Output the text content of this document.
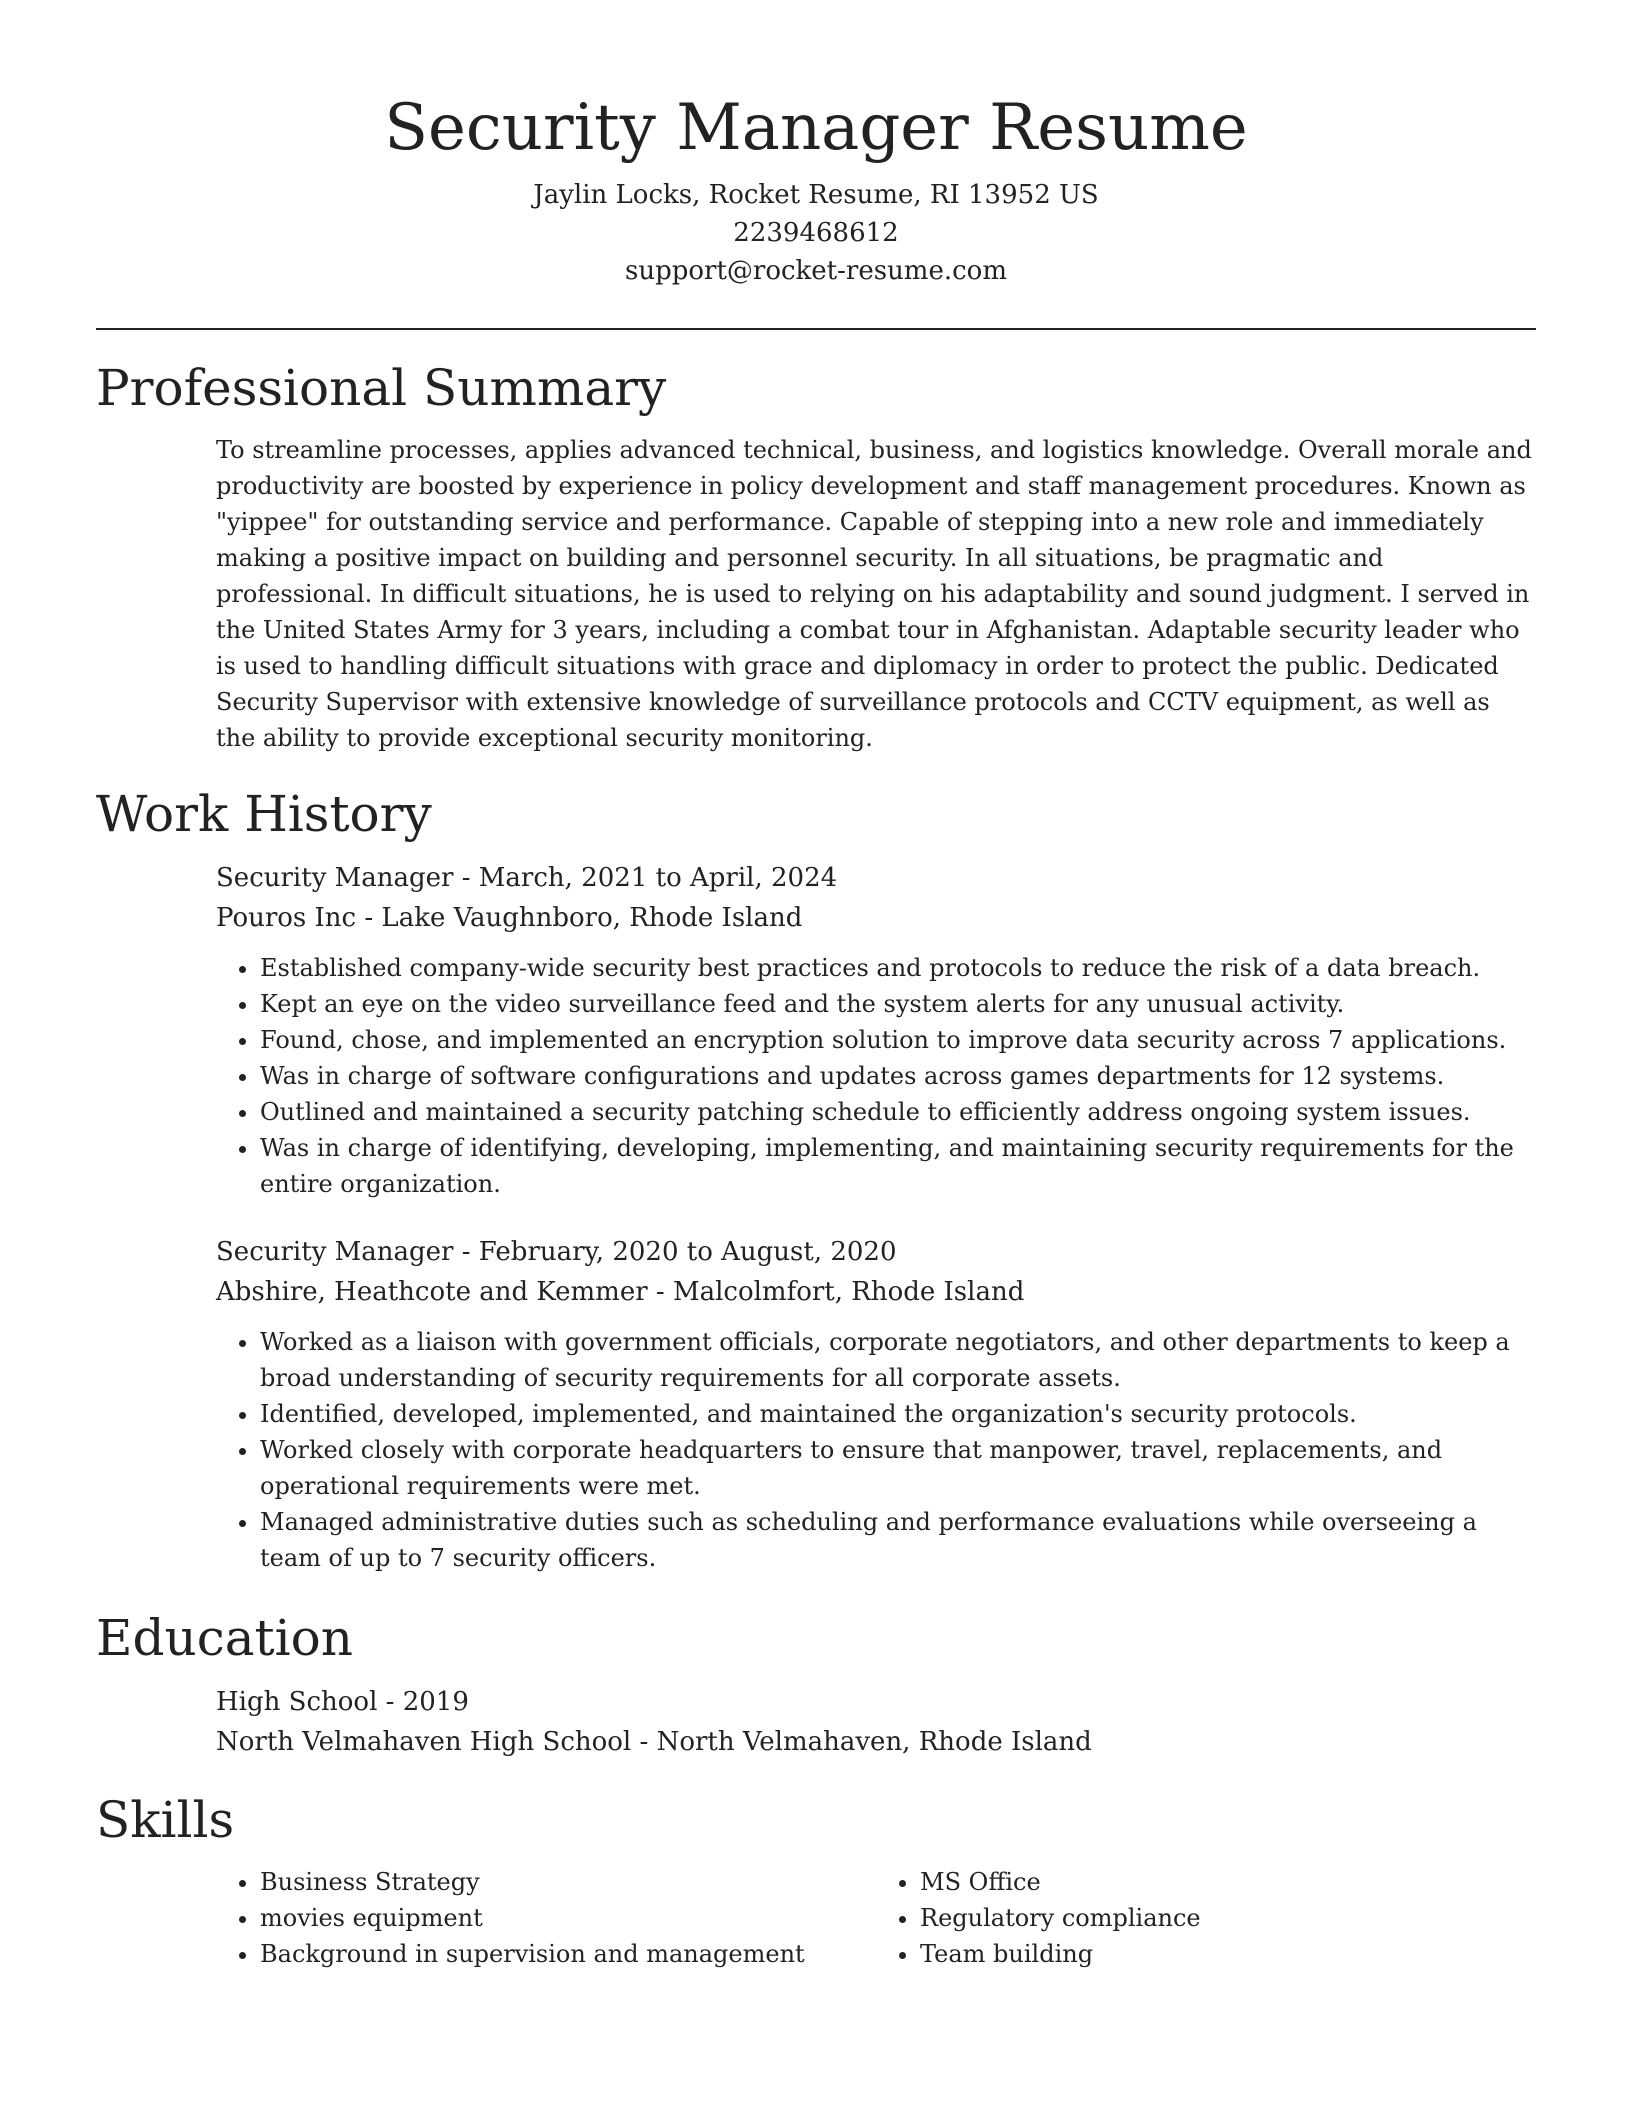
Security Manager Resume
Jaylin Locks, Rocket Resume, RI 13952 US
2239468612
support@rocket-resume.com
Professional Summary

To streamline processes, applies advanced technical, business, and logistics knowledge. Overall morale and productivity are boosted by experience in policy development and staff management procedures. Known as "yippee" for outstanding service and performance. Capable of stepping into a new role and immediately making a positive impact on building and personnel security. In all situations, be pragmatic and professional. In difficult situations, he is used to relying on his adaptability and sound judgment. I served in the United States Army for 3 years, including a combat tour in Afghanistan. Adaptable security leader who is used to handling difficult situations with grace and diplomacy in order to protect the public. Dedicated Security Supervisor with extensive knowledge of surveillance protocols and CCTV equipment, as well as the ability to provide exceptional security monitoring.

Work History
Security Manager - March, 2021 to April, 2024
Pouros Inc - Lake Vaughnboro, Rhode Island
• Established company-wide security best practices and protocols to reduce the risk of a data breach.
• Kept an eye on the video surveillance feed and the system alerts for any unusual activity.
• Found, chose, and implemented an encryption solution to improve data security across 7 applications.
• Was in charge of software configurations and updates across games departments for 12 systems.
• Outlined and maintained a security patching schedule to efficiently address ongoing system issues.
• Was in charge of identifying, developing, implementing, and maintaining security requirements for the entire organization.
Security Manager - February, 2020 to August, 2020
Abshire, Heathcote and Kemmer - Malcolmfort, Rhode Island
• Worked as a liaison with government officials, corporate negotiators, and other departments to keep a broad understanding of security requirements for all corporate assets.
• Identified, developed, implemented, and maintained the organization's security protocols.
• Worked closely with corporate headquarters to ensure that manpower, travel, replacements, and operational requirements were met.
• Managed administrative duties such as scheduling and performance evaluations while overseeing a team of up to 7 security officers.
Education
High School - 2019
North Velmahaven High School - North Velmahaven, Rhode Island
Skills
• Business Strategy
• movies equipment
• Background in supervision and management
• MS Office
• Regulatory compliance
• Team building
